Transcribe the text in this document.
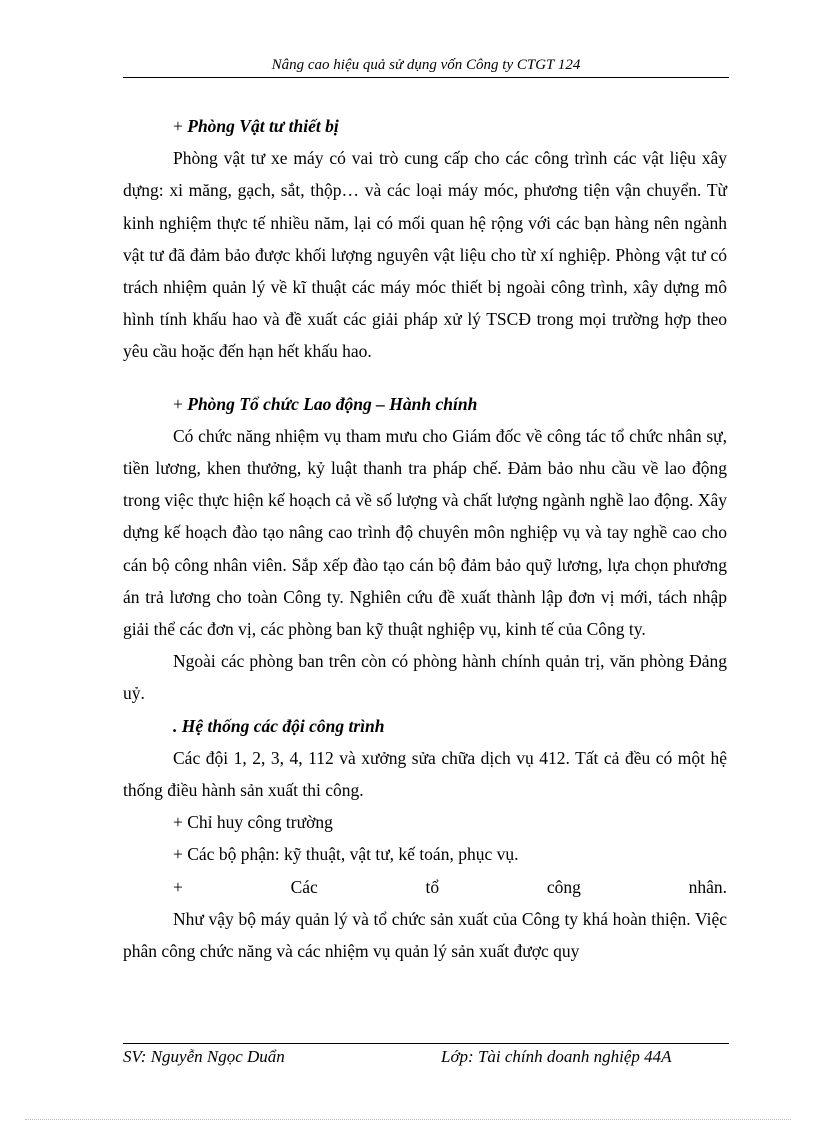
Nâng cao hiệu quả sử dụng vốn Công ty CTGT 124

+ Phòng Vật tư thiết bị

Phòng vật tư xe máy có vai trò cung cấp cho các công trình các vật liệu xây dựng: xi măng, gạch, sắt, thộp… và các loại máy móc, phương tiện vận chuyển. Từ kinh nghiệm thực tế nhiều năm, lại có mối quan hệ rộng với các bạn hàng nên ngành vật tư đã đảm bảo được khối lượng nguyên vật liệu cho từ xí nghiệp. Phòng vật tư có trách nhiệm quản lý về kĩ thuật các máy móc thiết bị ngoài công trình, xây dựng mô hình tính khấu hao và đề xuất các giải pháp xử lý TSCĐ trong mọi trường hợp theo yêu cầu hoặc đến hạn hết khấu hao.

+ Phòng Tổ chức Lao động – Hành chính

Có chức năng nhiệm vụ tham mưu cho Giám đốc về công tác tổ chức nhân sự, tiền lương, khen thưởng, kỷ luật thanh tra pháp chế. Đảm bảo nhu cầu về lao động trong việc thực hiện kế hoạch cả về số lượng và chất lượng ngành nghề lao động. Xây dựng kế hoạch đào tạo nâng cao trình độ chuyên môn nghiệp vụ và tay nghề cao cho cán bộ công nhân viên. Sắp xếp đào tạo cán bộ đảm bảo quỹ lương, lựa chọn phương án trả lương cho toàn Công ty. Nghiên cứu đề xuất thành lập đơn vị mới, tách nhập giải thể các đơn vị, các phòng ban kỹ thuật nghiệp vụ, kinh tế của Công ty.

Ngoài các phòng ban trên còn có phòng hành chính quản trị, văn phòng Đảng uỷ.

. Hệ thống các đội công trình

Các đội 1, 2, 3, 4, 112 và xưởng sửa chữa dịch vụ 412. Tất cả đều có một hệ thống điều hành sản xuất thi công.

+ Chỉ huy công trường

+ Các bộ phận: kỹ thuật, vật tư, kế toán, phục vụ.

+ Các tổ công nhân.

Như vậy bộ máy quản lý và tổ chức sản xuất của Công ty khá hoàn thiện. Việc phân công chức năng và các nhiệm vụ quản lý sản xuất được quy

SV: Nguyễn Ngọc Duẩn	Lớp: Tài chính doanh nghiệp 44A
